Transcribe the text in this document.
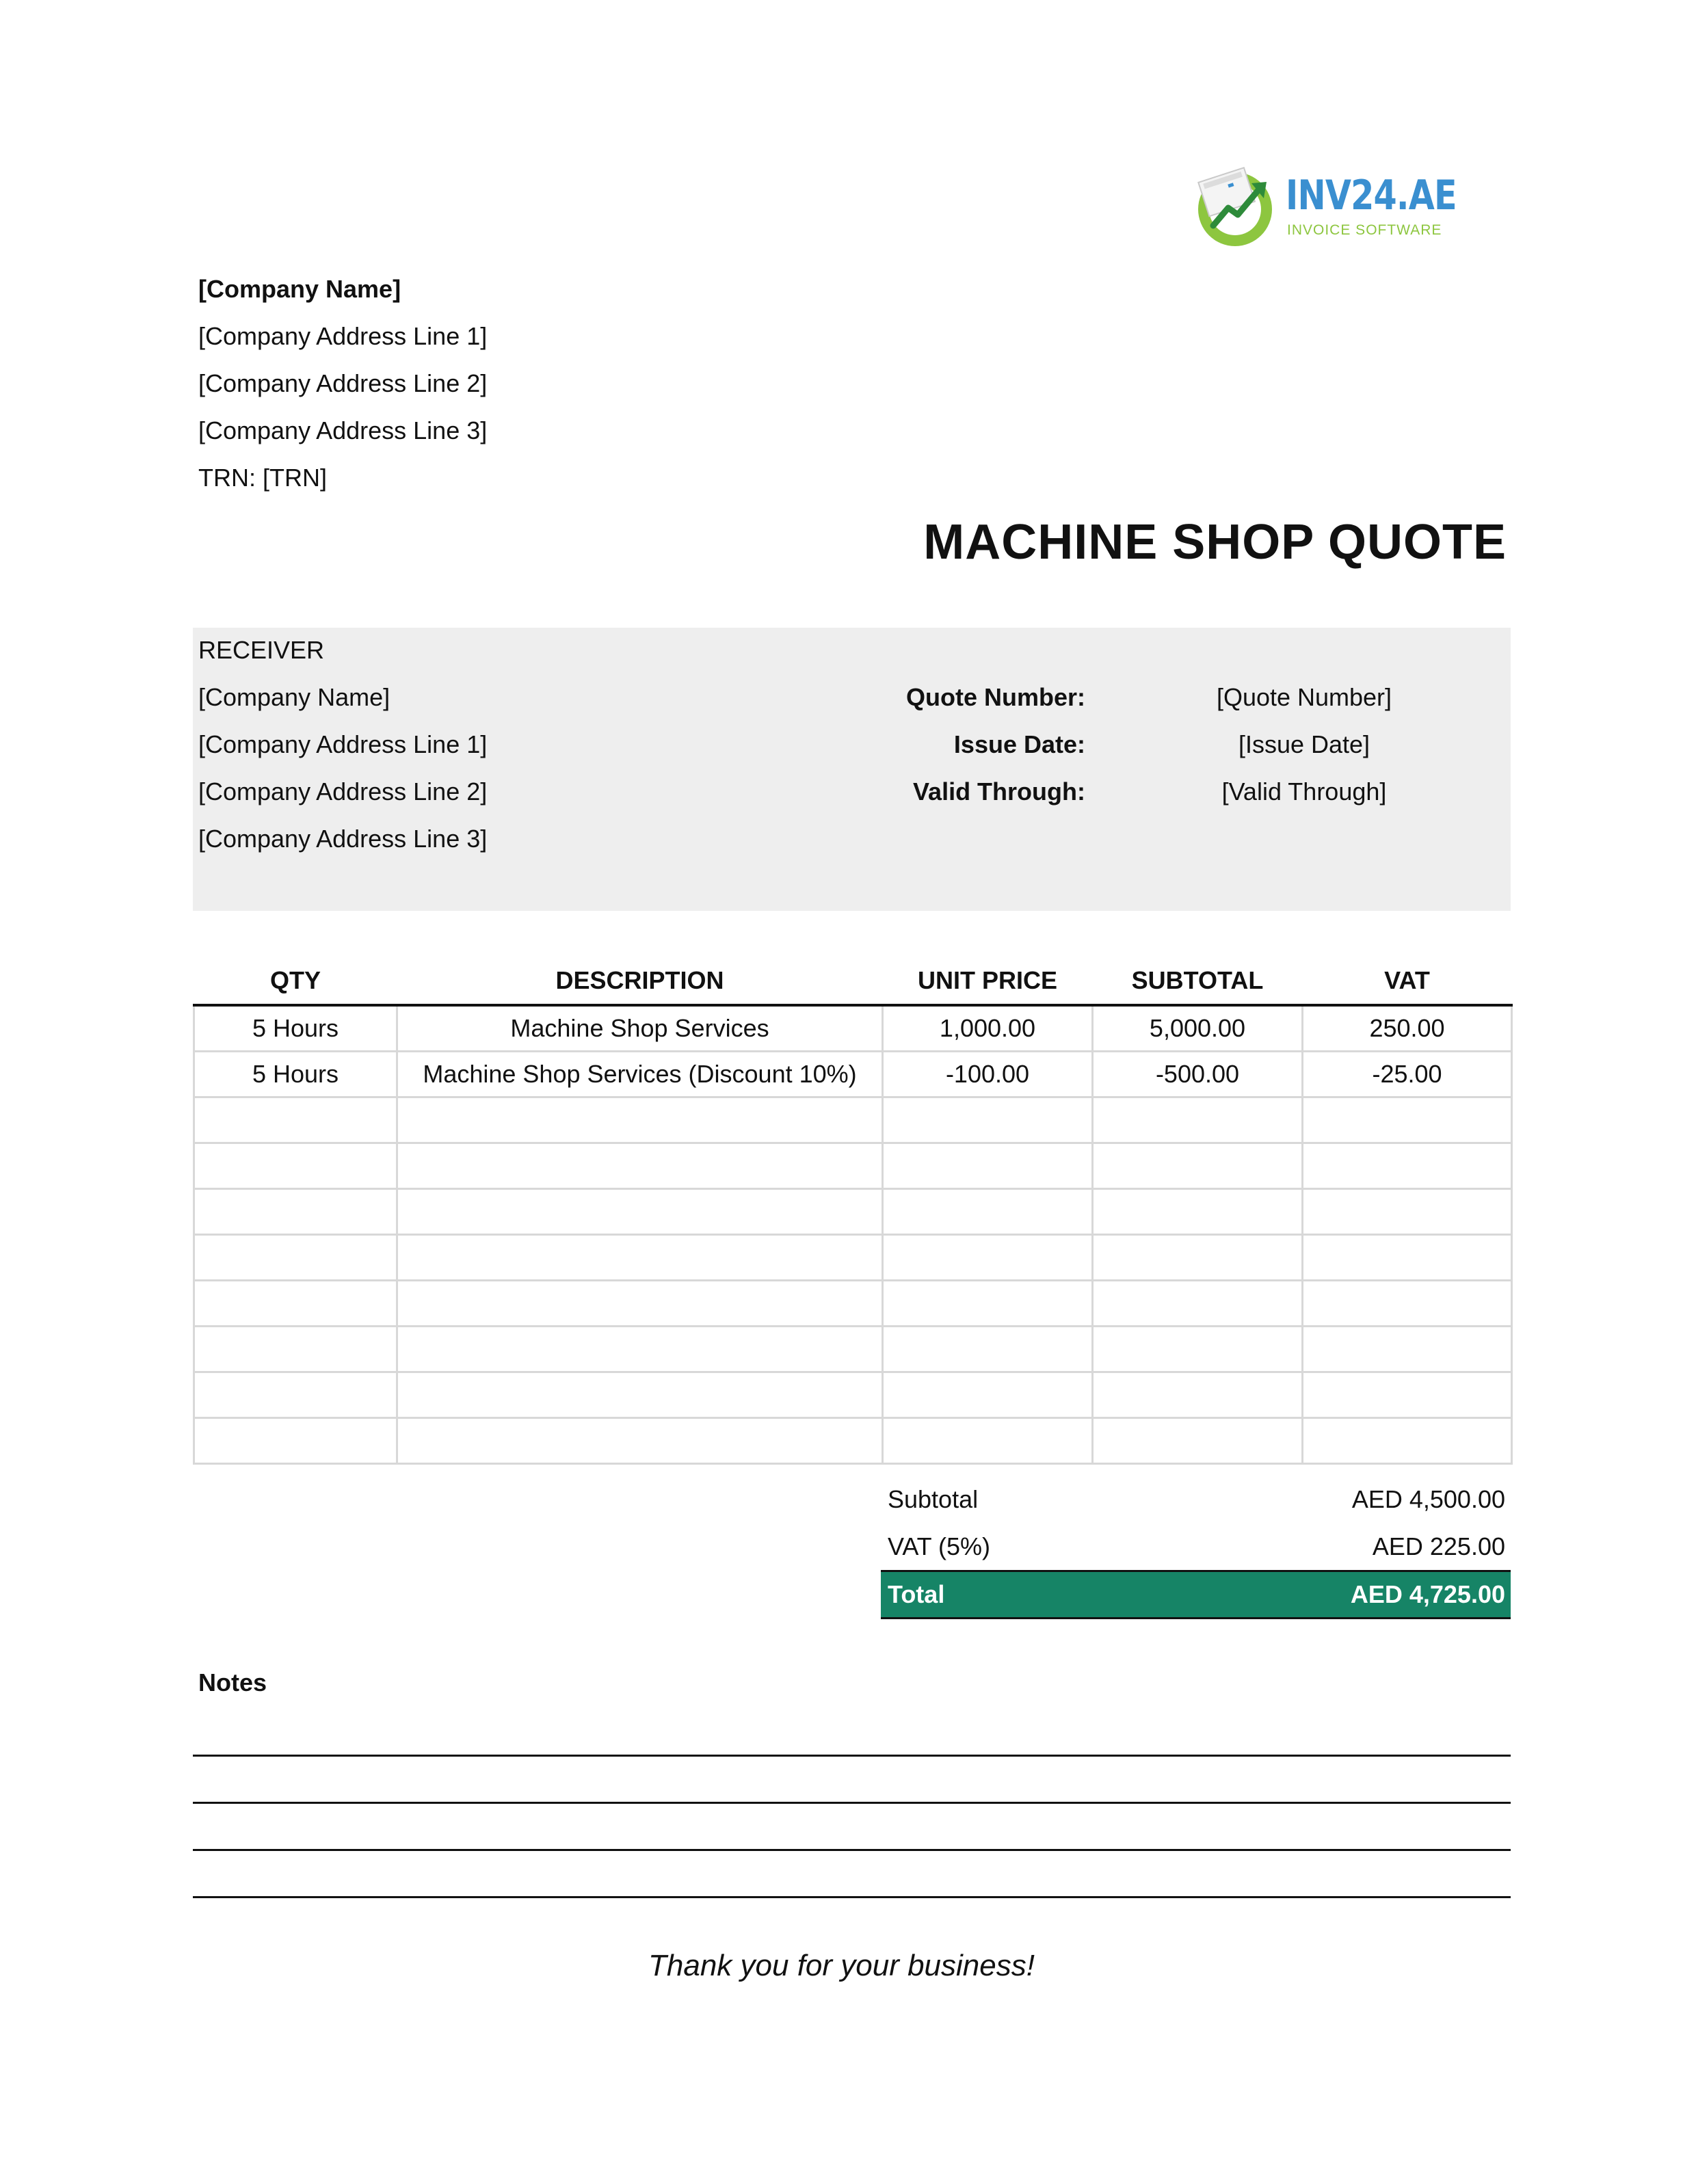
INV24.AE
INVOICE SOFTWARE
[Company Name]
[Company Address Line 1]
[Company Address Line 2]
[Company Address Line 3]
TRN: [TRN]
MACHINE SHOP QUOTE
RECEIVER
[Company Name]
[Company Address Line 1]
[Company Address Line 2]
[Company Address Line 3]
Quote Number:	[Quote Number]
Issue Date:	[Issue Date]
Valid Through:	[Valid Through]
QTY	DESCRIPTION	UNIT PRICE	SUBTOTAL	VAT
5 Hours	Machine Shop Services	1,000.00	5,000.00	250.00
5 Hours	Machine Shop Services (Discount 10%)	-100.00	-500.00	-25.00

Subtotal	AED 4,500.00
VAT (5%)	AED 225.00
Total	AED 4,725.00
Notes
Thank you for your business!
